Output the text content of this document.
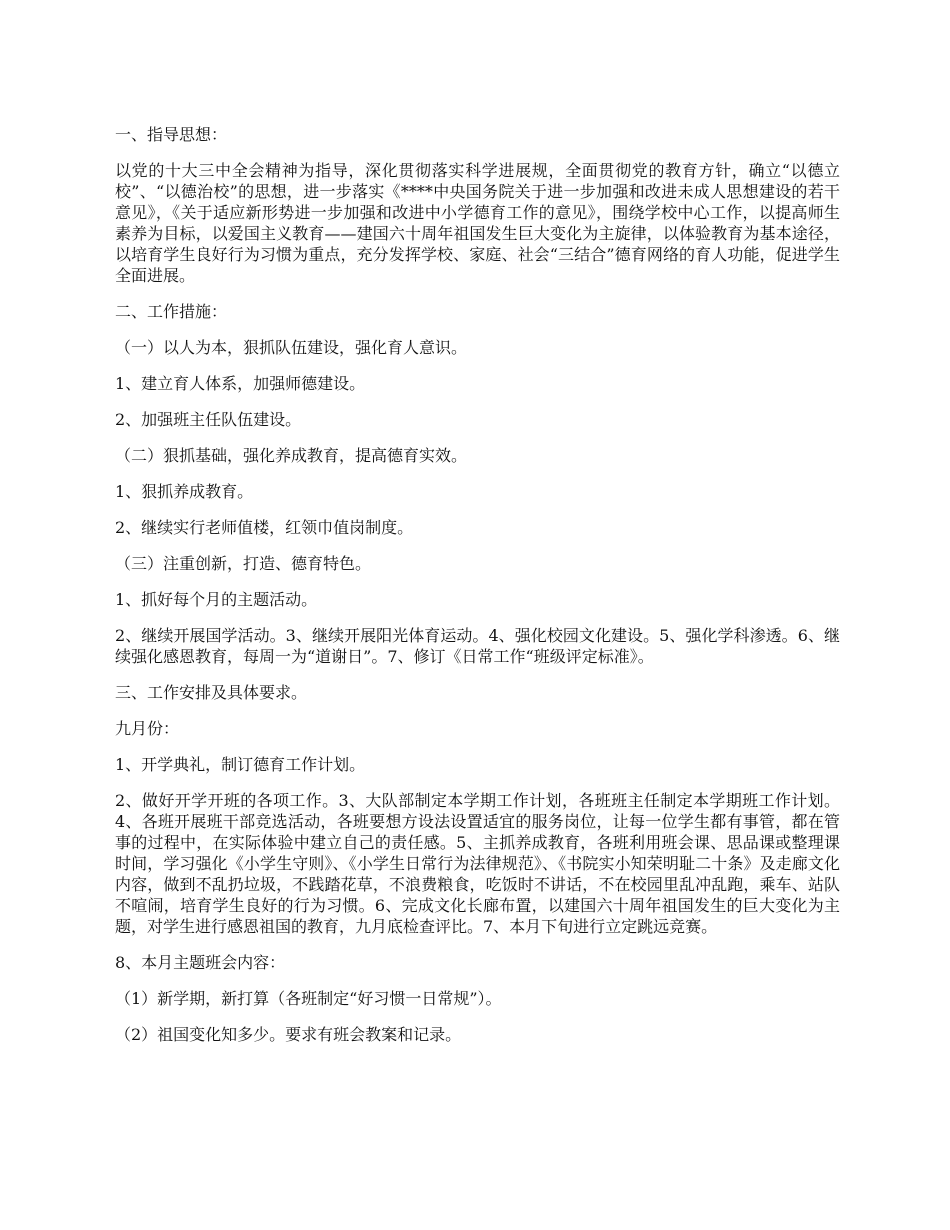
一、指导思想：

以党的十大三中全会精神为指导，深化贯彻落实科学进展规，全面贯彻党的教育方针，确立“以德立校”、“以德治校”的思想，进一步落实《****中央国务院关于进一步加强和改进未成人思想建设的若干意见》，《关于适应新形势进一步加强和改进中小学德育工作的意见》，围绕学校中心工作，以提高师生素养为目标，以爱国主义教育——建国六十周年祖国发生巨大变化为主旋律，以体验教育为基本途径，以培育学生良好行为习惯为重点，充分发挥学校、家庭、社会“三结合”德育网络的育人功能，促进学生全面进展。

二、工作措施：

（一）以人为本，狠抓队伍建设，强化育人意识。

1、建立育人体系，加强师德建设。

2、加强班主任队伍建设。

（二）狠抓基础，强化养成教育，提高德育实效。

1、狠抓养成教育。

2、继续实行老师值楼，红领巾值岗制度。

（三）注重创新，打造、德育特色。

1、抓好每个月的主题活动。

2、继续开展国学活动。3、继续开展阳光体育运动。4、强化校园文化建设。5、强化学科渗透。6、继续强化感恩教育，每周一为“道谢日”。7、修订《日常工作“班级评定标准》。

三、工作安排及具体要求。

九月份：

1、开学典礼，制订德育工作计划。

2、做好开学开班的各项工作。3、大队部制定本学期工作计划，各班班主任制定本学期班工作计划。4、各班开展班干部竞选活动，各班要想方设法设置适宜的服务岗位，让每一位学生都有事管，都在管事的过程中，在实际体验中建立自己的责任感。5、主抓养成教育，各班利用班会课、思品课或整理课时间，学习强化《小学生守则》、《小学生日常行为法律规范》、《书院实小知荣明耻二十条》及走廊文化内容，做到不乱扔垃圾，不践踏花草，不浪费粮食，吃饭时不讲话，不在校园里乱冲乱跑，乘车、站队不喧闹，培育学生良好的行为习惯。6、完成文化长廊布置，以建国六十周年祖国发生的巨大变化为主题，对学生进行感恩祖国的教育，九月底检查评比。7、本月下旬进行立定跳远竞赛。

8、本月主题班会内容：

（1）新学期，新打算（各班制定“好习惯一日常规”）。

（2）祖国变化知多少。要求有班会教案和记录。
